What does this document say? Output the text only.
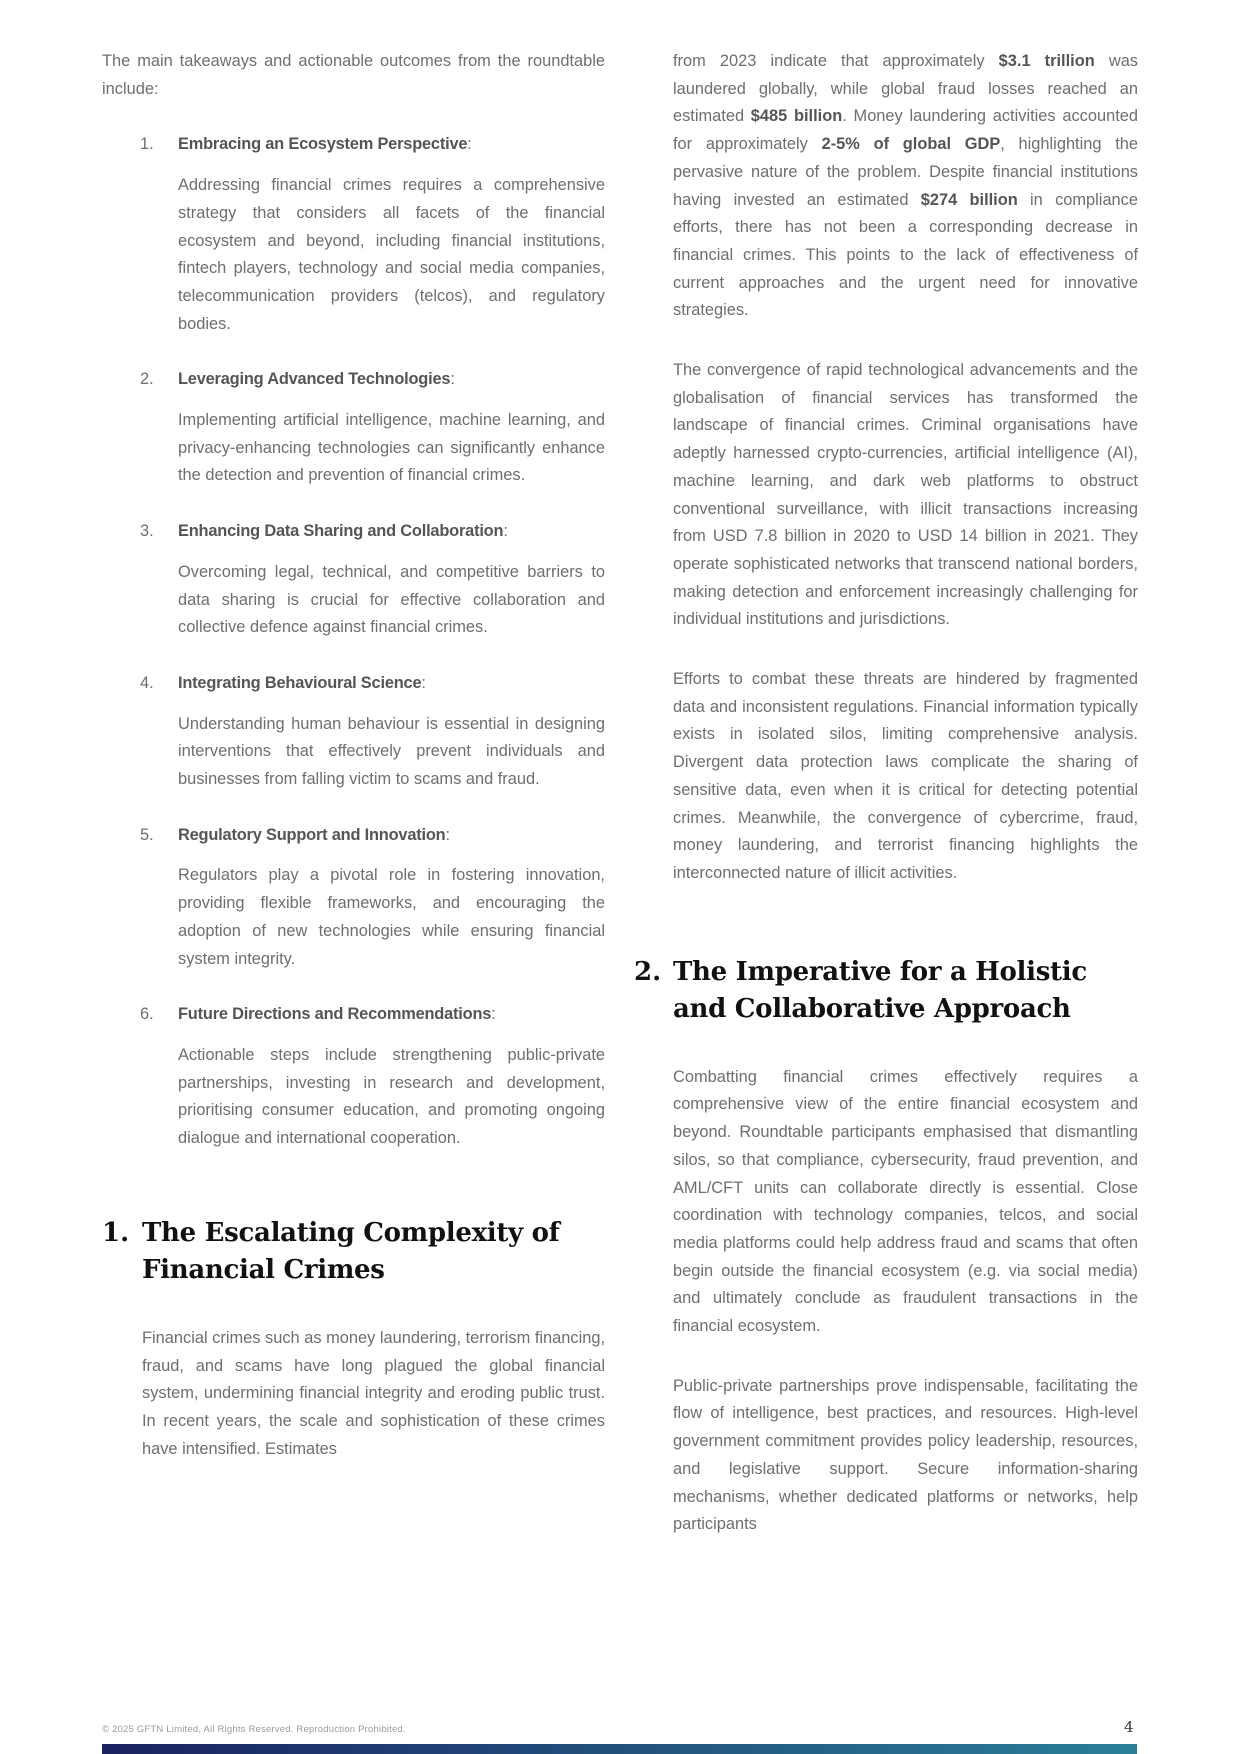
The main takeaways and actionable outcomes from the roundtable include:

1. Embracing an Ecosystem Perspective:

Addressing financial crimes requires a comprehensive strategy that considers all facets of the financial ecosystem and beyond, including financial institutions, fintech players, technology and social media companies, telecommunication providers (telcos), and regulatory bodies.

2. Leveraging Advanced Technologies:

Implementing artificial intelligence, machine learning, and privacy-enhancing technologies can significantly enhance the detection and prevention of financial crimes.

3. Enhancing Data Sharing and Collaboration:

Overcoming legal, technical, and competitive barriers to data sharing is crucial for effective collaboration and collective defence against financial crimes.

4. Integrating Behavioural Science:

Understanding human behaviour is essential in designing interventions that effectively prevent individuals and businesses from falling victim to scams and fraud.

5. Regulatory Support and Innovation:

Regulators play a pivotal role in fostering innovation, providing flexible frameworks, and encouraging the adoption of new technologies while ensuring financial system integrity.

6. Future Directions and Recommendations:

Actionable steps include strengthening public-private partnerships, investing in research and development, prioritising consumer education, and promoting ongoing dialogue and international cooperation.

1. The Escalating Complexity of Financial Crimes

Financial crimes such as money laundering, terrorism financing, fraud, and scams have long plagued the global financial system, undermining financial integrity and eroding public trust. In recent years, the scale and sophistication of these crimes have intensified. Estimates

from 2023 indicate that approximately $3.1 trillion was laundered globally, while global fraud losses reached an estimated $485 billion. Money laundering activities accounted for approximately 2-5% of global GDP, highlighting the pervasive nature of the problem. Despite financial institutions having invested an estimated $274 billion in compliance efforts, there has not been a corresponding decrease in financial crimes. This points to the lack of effectiveness of current approaches and the urgent need for innovative strategies.

The convergence of rapid technological advancements and the globalisation of financial services has transformed the landscape of financial crimes. Criminal organisations have adeptly harnessed crypto-currencies, artificial intelligence (AI), machine learning, and dark web platforms to obstruct conventional surveillance, with illicit transactions increasing from USD 7.8 billion in 2020 to USD 14 billion in 2021. They operate sophisticated networks that transcend national borders, making detection and enforcement increasingly challenging for individual institutions and jurisdictions.

Efforts to combat these threats are hindered by fragmented data and inconsistent regulations. Financial information typically exists in isolated silos, limiting comprehensive analysis. Divergent data protection laws complicate the sharing of sensitive data, even when it is critical for detecting potential crimes. Meanwhile, the convergence of cybercrime, fraud, money laundering, and terrorist financing highlights the interconnected nature of illicit activities.

2. The Imperative for a Holistic and Collaborative Approach

Combatting financial crimes effectively requires a comprehensive view of the entire financial ecosystem and beyond. Roundtable participants emphasised that dismantling silos, so that compliance, cybersecurity, fraud prevention, and AML/CFT units can collaborate directly is essential. Close coordination with technology companies, telcos, and social media platforms could help address fraud and scams that often begin outside the financial ecosystem (e.g. via social media) and ultimately conclude as fraudulent transactions in the financial ecosystem.

Public-private partnerships prove indispensable, facilitating the flow of intelligence, best practices, and resources. High-level government commitment provides policy leadership, resources, and legislative support. Secure information-sharing mechanisms, whether dedicated platforms or networks, help participants

© 2025 GFTN Limited, All Rights Reserved. Reproduction Prohibited.	4
